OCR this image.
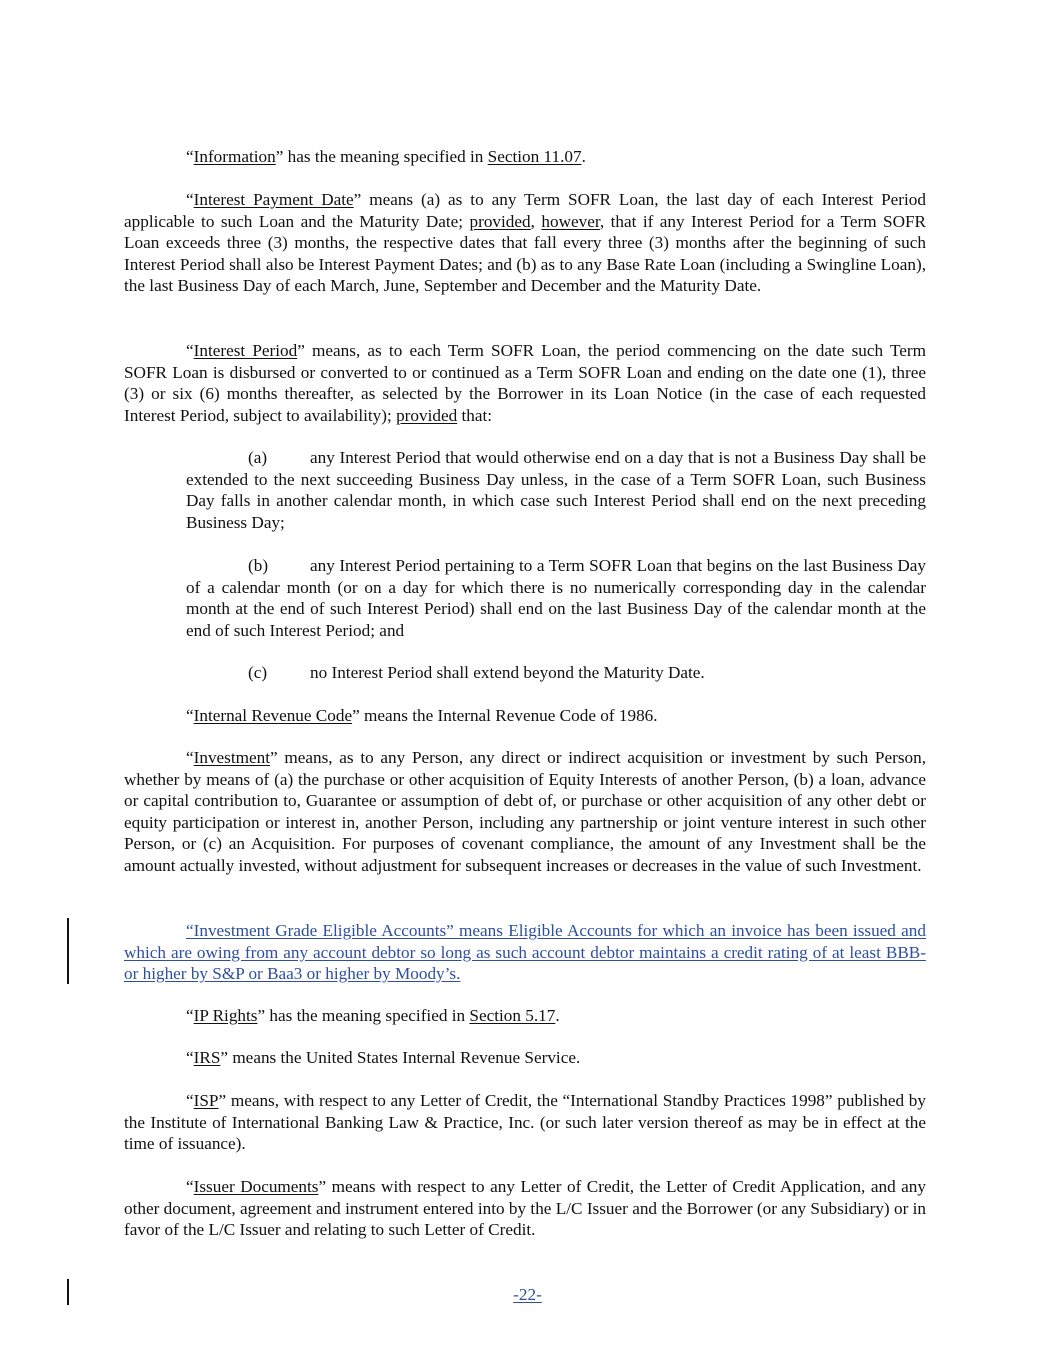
“Information” has the meaning specified in Section 11.07.

“Interest Payment Date” means (a) as to any Term SOFR Loan, the last day of each Interest Period applicable to such Loan and the Maturity Date; provided, however, that if any Interest Period for a Term SOFR Loan exceeds three (3) months, the respective dates that fall every three (3) months after the beginning of such Interest Period shall also be Interest Payment Dates; and (b) as to any Base Rate Loan (including a Swingline Loan), the last Business Day of each March, June, September and December and the Maturity Date.

“Interest Period” means, as to each Term SOFR Loan, the period commencing on the date such Term SOFR Loan is disbursed or converted to or continued as a Term SOFR Loan and ending on the date one (1), three (3) or six (6) months thereafter, as selected by the Borrower in its Loan Notice (in the case of each requested Interest Period, subject to availability); provided that:

(a) any Interest Period that would otherwise end on a day that is not a Business Day shall be extended to the next succeeding Business Day unless, in the case of a Term SOFR Loan, such Business Day falls in another calendar month, in which case such Interest Period shall end on the next preceding Business Day;

(b) any Interest Period pertaining to a Term SOFR Loan that begins on the last Business Day of a calendar month (or on a day for which there is no numerically corresponding day in the calendar month at the end of such Interest Period) shall end on the last Business Day of the calendar month at the end of such Interest Period; and

(c) no Interest Period shall extend beyond the Maturity Date.

“Internal Revenue Code” means the Internal Revenue Code of 1986.

“Investment” means, as to any Person, any direct or indirect acquisition or investment by such Person, whether by means of (a) the purchase or other acquisition of Equity Interests of another Person, (b) a loan, advance or capital contribution to, Guarantee or assumption of debt of, or purchase or other acquisition of any other debt or equity participation or interest in, another Person, including any partnership or joint venture interest in such other Person, or (c) an Acquisition. For purposes of covenant compliance, the amount of any Investment shall be the amount actually invested, without adjustment for subsequent increases or decreases in the value of such Investment.

“Investment Grade Eligible Accounts” means Eligible Accounts for which an invoice has been issued and which are owing from any account debtor so long as such account debtor maintains a credit rating of at least BBB- or higher by S&P or Baa3 or higher by Moody’s.

“IP Rights” has the meaning specified in Section 5.17.

“IRS” means the United States Internal Revenue Service.

“ISP” means, with respect to any Letter of Credit, the “International Standby Practices 1998” published by the Institute of International Banking Law & Practice, Inc. (or such later version thereof as may be in effect at the time of issuance).

“Issuer Documents” means with respect to any Letter of Credit, the Letter of Credit Application, and any other document, agreement and instrument entered into by the L/C Issuer and the Borrower (or any Subsidiary) or in favor of the L/C Issuer and relating to such Letter of Credit.

-22-
